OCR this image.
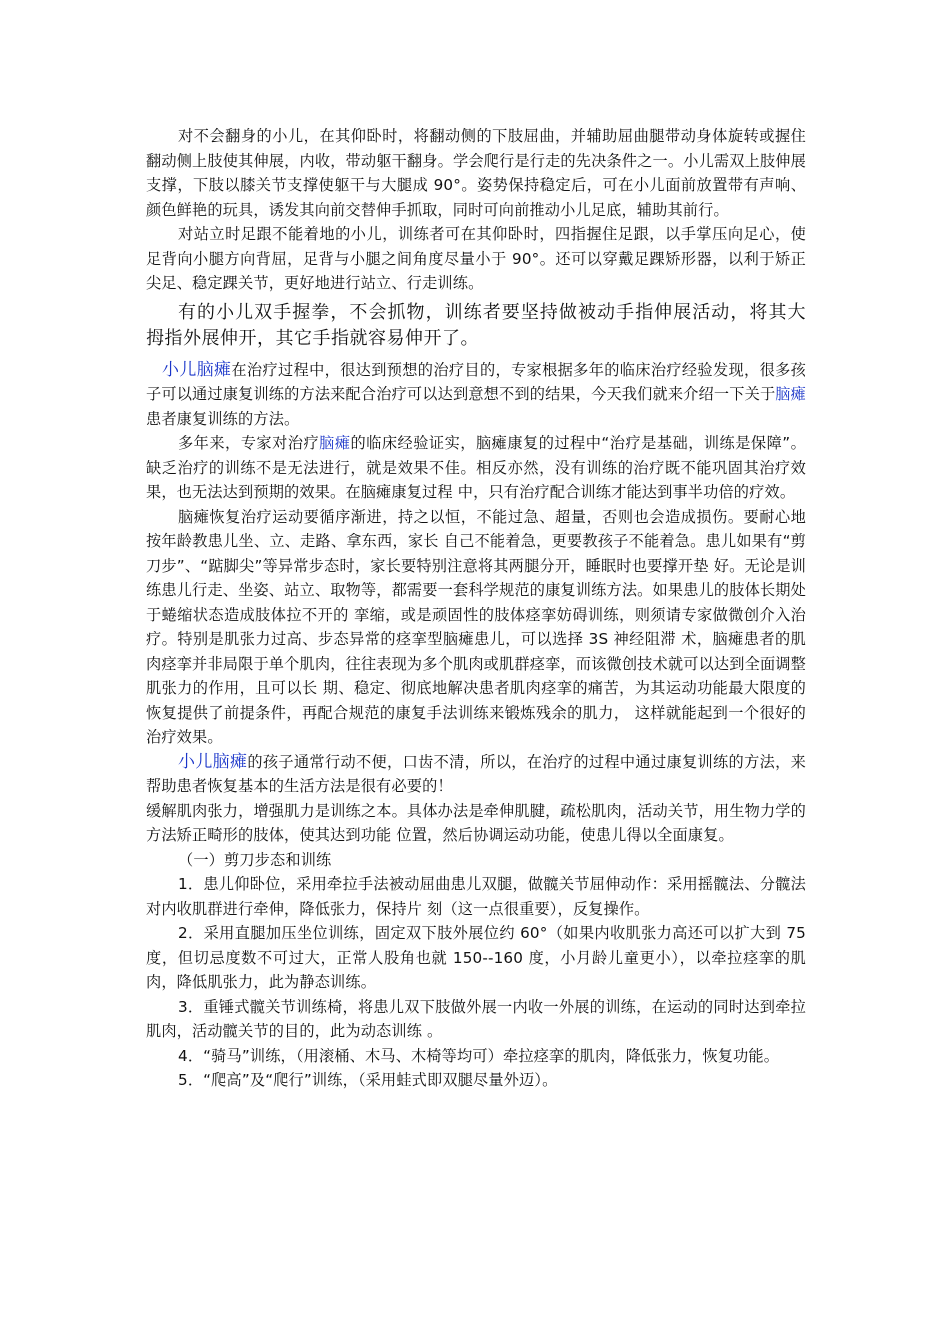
对不会翻身的小儿，在其仰卧时，将翻动侧的下肢屈曲，并辅助屈曲腿带动身体旋转或握住翻动侧上肢使其伸展，内收，带动躯干翻身。学会爬行是行走的先决条件之一。小儿需双上肢伸展支撑，下肢以膝关节支撑使躯干与大腿成 90°。姿势保持稳定后，可在小儿面前放置带有声响、颜色鲜艳的玩具，诱发其向前交替伸手抓取，同时可向前推动小儿足底，辅助其前行。

对站立时足跟不能着地的小儿，训练者可在其仰卧时，四指握住足跟，以手掌压向足心，使足背向小腿方向背屈，足背与小腿之间角度尽量小于 90°。还可以穿戴足踝矫形器，以利于矫正尖足、稳定踝关节，更好地进行站立、行走训练。

有的小儿双手握拳，不会抓物，训练者要坚持做被动手指伸展活动，将其大拇指外展伸开，其它手指就容易伸开了。

小儿脑瘫在治疗过程中，很达到预想的治疗目的，专家根据多年的临床治疗经验发现，很多孩子可以通过康复训练的方法来配合治疗可以达到意想不到的结果，今天我们就来介绍一下关于脑瘫患者康复训练的方法。

多年来，专家对治疗脑瘫的临床经验证实，脑瘫康复的过程中“治疗是基础，训练是保障”。 缺乏治疗的训练不是无法进行，就是效果不佳。相反亦然，没有训练的治疗既不能巩固其治疗效果，也无法达到预期的效果。在脑瘫康复过程 中，只有治疗配合训练才能达到事半功倍的疗效。

脑瘫恢复治疗运动要循序渐进，持之以恒，不能过急、超量，否则也会造成损伤。要耐心地按年龄教患儿坐、立、走路、拿东西，家长 自己不能着急，更要教孩子不能着急。患儿如果有“剪刀步”、“踮脚尖”等异常步态时，家长要特别注意将其两腿分开，睡眠时也要撑开垫 好。无论是训练患儿行走、坐姿、站立、取物等，都需要一套科学规范的康复训练方法。如果患儿的肢体长期处于蜷缩状态造成肢体拉不开的 挛缩，或是顽固性的肢体痉挛妨碍训练，则须请专家做微创介入治疗。特别是肌张力过高、步态异常的痉挛型脑瘫患儿，可以选择 3S 神经阻滞 术，脑瘫患者的肌肉痉挛并非局限于单个肌肉，往往表现为多个肌肉或肌群痉挛，而该微创技术就可以达到全面调整肌张力的作用，且可以长 期、稳定、彻底地解决患者肌肉痉挛的痛苦，为其运动功能最大限度的恢复提供了前提条件，再配合规范的康复手法训练来锻炼残余的肌力， 这样就能起到一个很好的治疗效果。

小儿脑瘫的孩子通常行动不便，口齿不清，所以，在治疗的过程中通过康复训练的方法，来帮助患者恢复基本的生活方法是很有必要的！

缓解肌肉张力，增强肌力是训练之本。具体办法是牵伸肌腱，疏松肌肉，活动关节，用生物力学的方法矫正畸形的肢体，使其达到功能 位置，然后协调运动功能，使患儿得以全面康复。

（一）剪刀步态和训练

1．患儿仰卧位，采用牵拉手法被动屈曲患儿双腿，做髋关节屈伸动作：采用摇髋法、分髋法对内收肌群进行牵伸，降低张力，保持片 刻（这一点很重要），反复操作。

2．采用直腿加压坐位训练，固定双下肢外展位约 60°（如果内收肌张力高还可以扩大到 75 度，但切忌度数不可过大，正常人股角也就 150--160 度，小月龄儿童更小），以牵拉痉挛的肌肉，降低肌张力，此为静态训练。

3．重锤式髋关节训练椅，将患儿双下肢做外展一内收一外展的训练，在运动的同时达到牵拉肌肉，活动髋关节的目的，此为动态训练 。

4．“骑马”训练，（用滚桶、木马、木椅等均可）牵拉痉挛的肌肉，降低张力，恢复功能。

5．“爬高”及“爬行”训练，（采用蛙式即双腿尽量外迈）。
